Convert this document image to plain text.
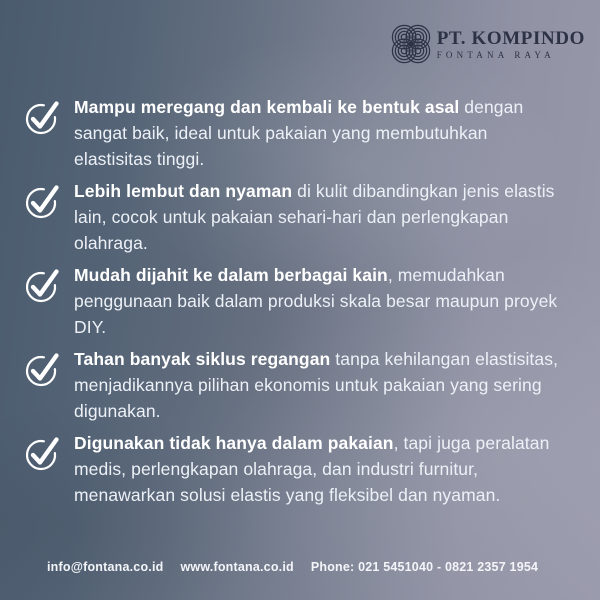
PT. KOMPINDO
FONTANA RAYA

Mampu meregang dan kembali ke bentuk asal dengan sangat baik, ideal untuk pakaian yang membutuhkan elastisitas tinggi.

Lebih lembut dan nyaman di kulit dibandingkan jenis elastis lain, cocok untuk pakaian sehari-hari dan perlengkapan olahraga.

Mudah dijahit ke dalam berbagai kain, memudahkan penggunaan baik dalam produksi skala besar maupun proyek DIY.

Tahan banyak siklus regangan tanpa kehilangan elastisitas, menjadikannya pilihan ekonomis untuk pakaian yang sering digunakan.

Digunakan tidak hanya dalam pakaian, tapi juga peralatan medis, perlengkapan olahraga, dan industri furnitur, menawarkan solusi elastis yang fleksibel dan nyaman.

info@fontana.co.id www.fontana.co.id Phone: 021 5451040 - 0821 2357 1954
